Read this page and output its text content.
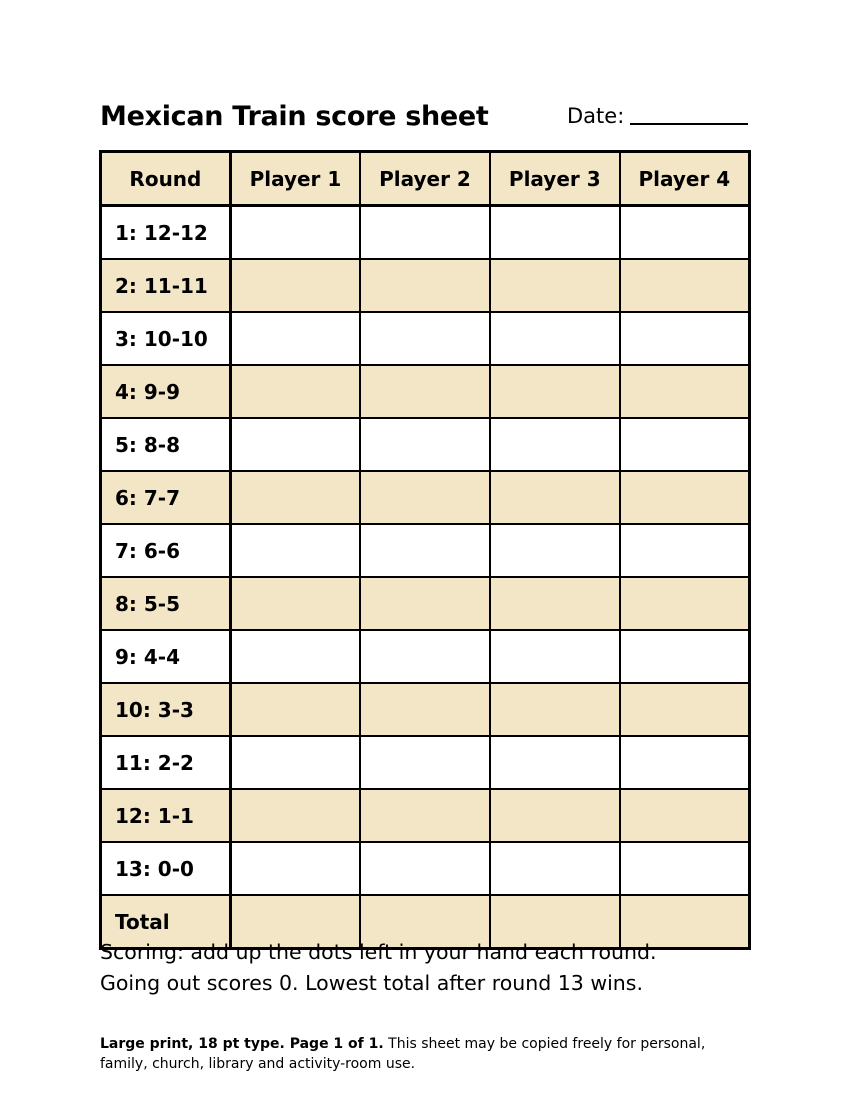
Mexican Train score sheet	Date:
Round	Player 1	Player 2	Player 3	Player 4
1: 12-12				
2: 11-11				
3: 10-10				
4: 9-9				
5: 8-8				
6: 7-7				
7: 6-6				
8: 5-5				
9: 4-4				
10: 3-3				
11: 2-2				
12: 1-1				
13: 0-0				
Total				
Scoring: add up the dots left in your hand each round.
Going out scores 0. Lowest total after round 13 wins.
Large print, 18 pt type. Page 1 of 1. This sheet may be copied freely for personal, family, church, library and activity-room use.
